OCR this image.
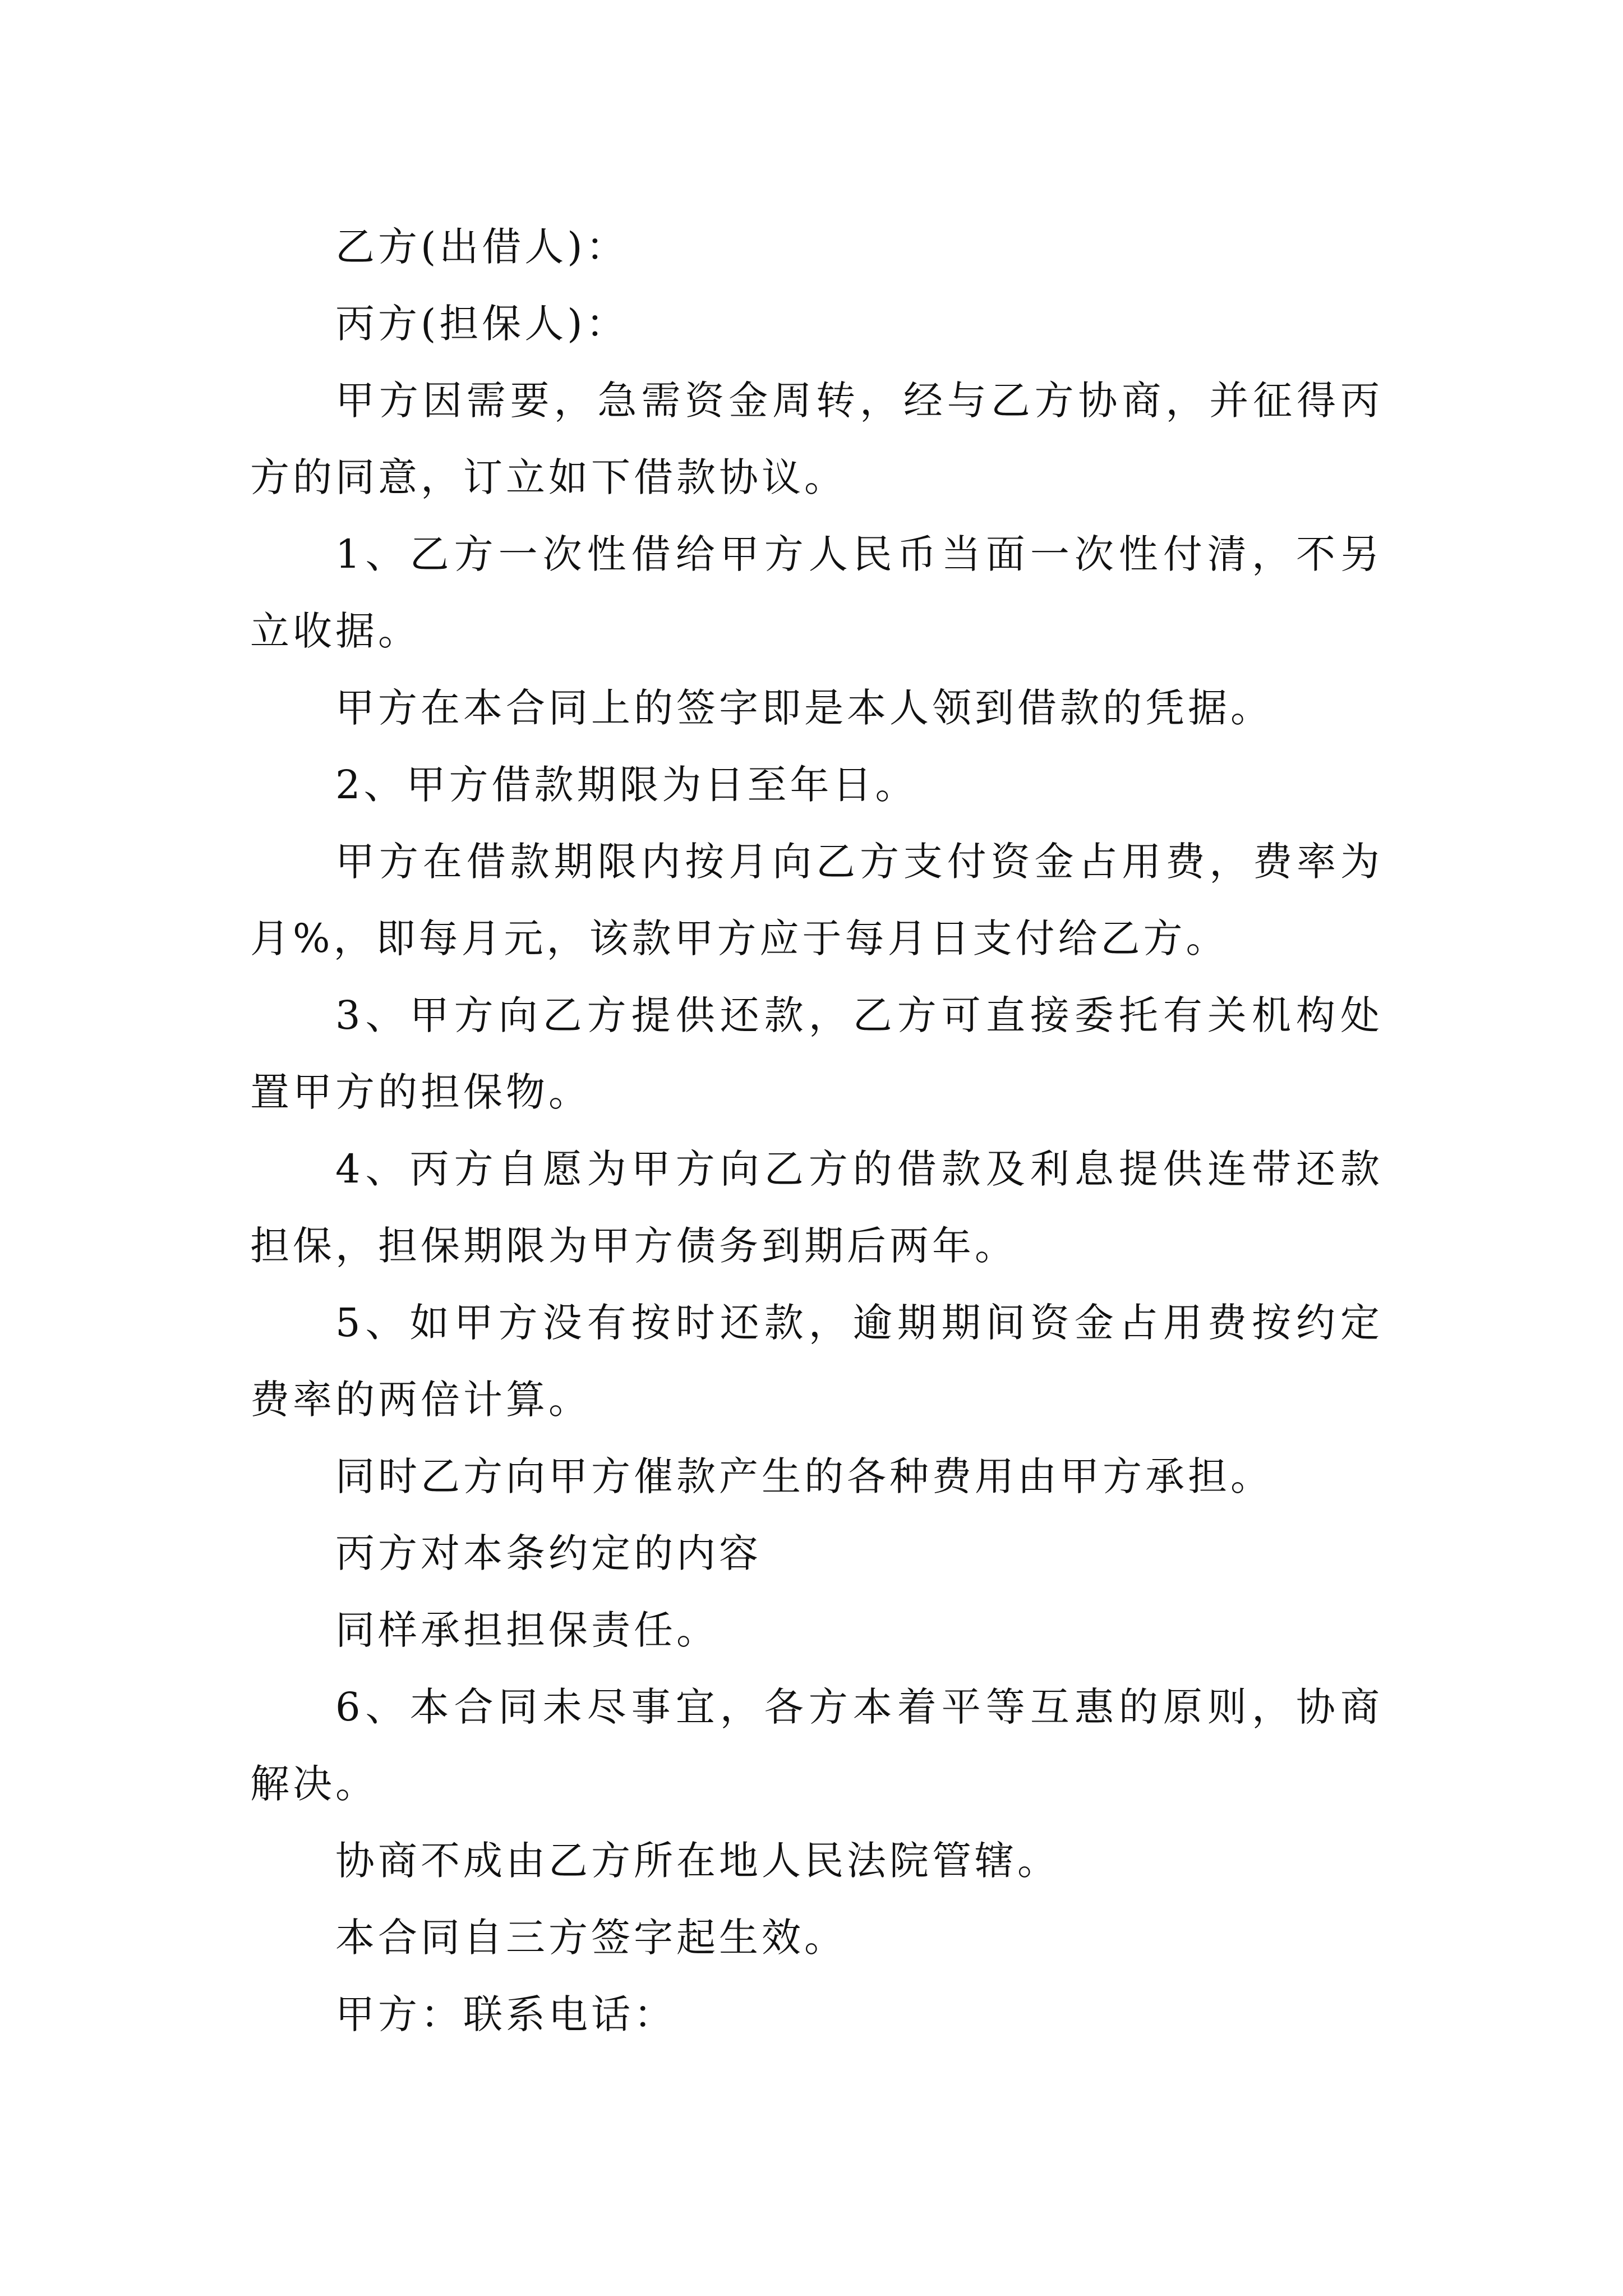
乙方(出借人)：

丙方(担保人)：

甲方因需要，急需资金周转，经与乙方协商，并征得丙方的同意，订立如下借款协议。

1、乙方一次性借给甲方人民币当面一次性付清，不另立收据。

甲方在本合同上的签字即是本人领到借款的凭据。

2、甲方借款期限为日至年日。

甲方在借款期限内按月向乙方支付资金占用费，费率为月%，即每月元，该款甲方应于每月日支付给乙方。

3、甲方向乙方提供还款，乙方可直接委托有关机构处置甲方的担保物。

4、丙方自愿为甲方向乙方的借款及利息提供连带还款担保，担保期限为甲方债务到期后两年。

5、如甲方没有按时还款，逾期期间资金占用费按约定费率的两倍计算。

同时乙方向甲方催款产生的各种费用由甲方承担。

丙方对本条约定的内容

同样承担担保责任。

6、本合同未尽事宜，各方本着平等互惠的原则，协商解决。

协商不成由乙方所在地人民法院管辖。

本合同自三方签字起生效。

甲方：联系电话：
